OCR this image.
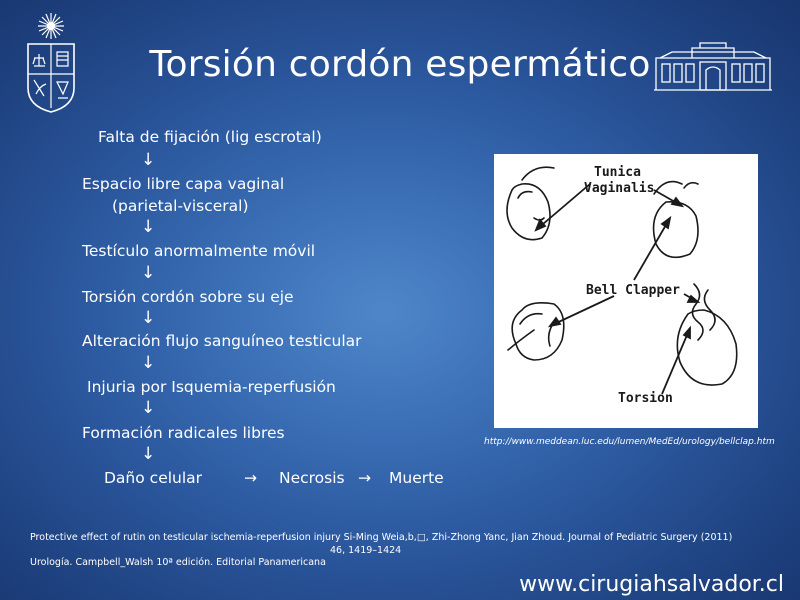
Torsión cordón espermático
Falta de fijación (lig escrotal)
↓
Espacio libre capa vaginal
(parietal-visceral)
↓
Testículo anormalmente móvil
↓
Torsión cordón sobre su eje
↓
Alteración flujo sanguíneo testicular
↓
Injuria por Isquemia-reperfusión
↓
Formación radicales libres
↓
Daño celular	→ Necrosis → Muerte
Tunica
Vaginalis
Bell Clapper
Torsion
http://www.meddean.luc.edu/lumen/MedEd/urology/bellclap.htm
Protective effect of rutin on testicular ischemia-reperfusion injury Si-Ming Weia,b,□, Zhi-Zhong Yanc, Jian Zhoud. Journal of Pediatric Surgery (2011)
46, 1419–1424
Urología. Campbell_Walsh 10ª edición. Editorial Panamericana
www.cirugiahsalvador.cl
